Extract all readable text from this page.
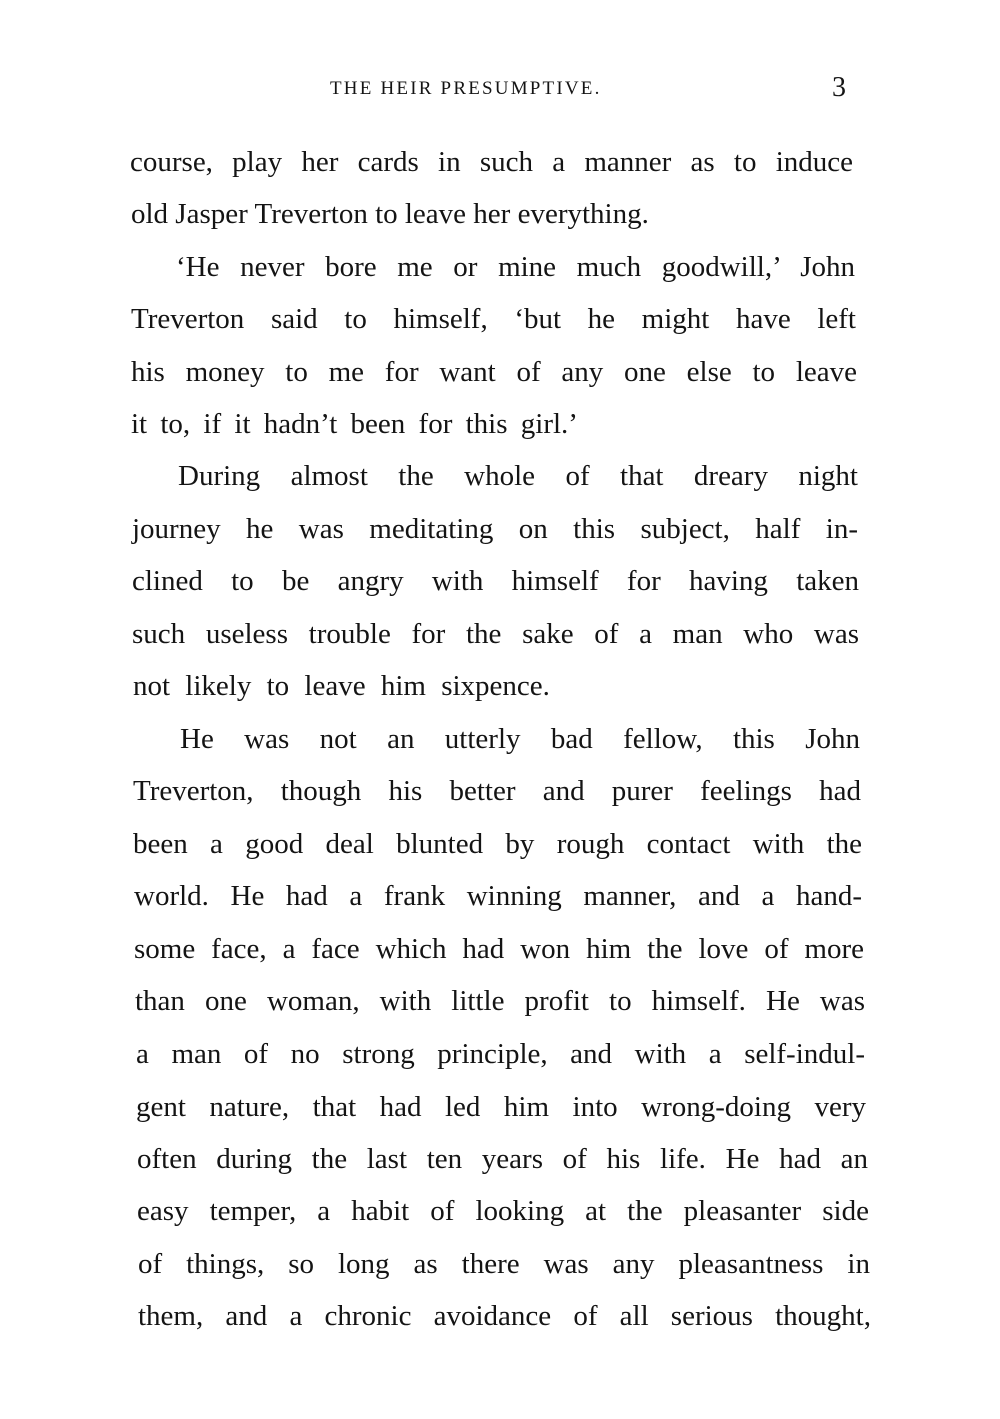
THE HEIR PRESUMPTIVE.	3
course, play her cards in such a manner as to induce
old Jasper Treverton to leave her everything.
‘He never bore me or mine much goodwill,’ John
Treverton said to himself, ‘but he might have left
his money to me for want of any one else to leave
it to, if it hadn’t been for this girl.’
During almost the whole of that dreary night
journey he was meditating on this subject, half in-
clined to be angry with himself for having taken
such useless trouble for the sake of a man who was
not likely to leave him sixpence.
He was not an utterly bad fellow, this John
Treverton, though his better and purer feelings had
been a good deal blunted by rough contact with the
world. He had a frank winning manner, and a hand-
some face, a face which had won him the love of more
than one woman, with little profit to himself. He was
a man of no strong principle, and with a self-indul-
gent nature, that had led him into wrong-doing very
often during the last ten years of his life. He had an
easy temper, a habit of looking at the pleasanter side
of things, so long as there was any pleasantness in
them, and a chronic avoidance of all serious thought,
